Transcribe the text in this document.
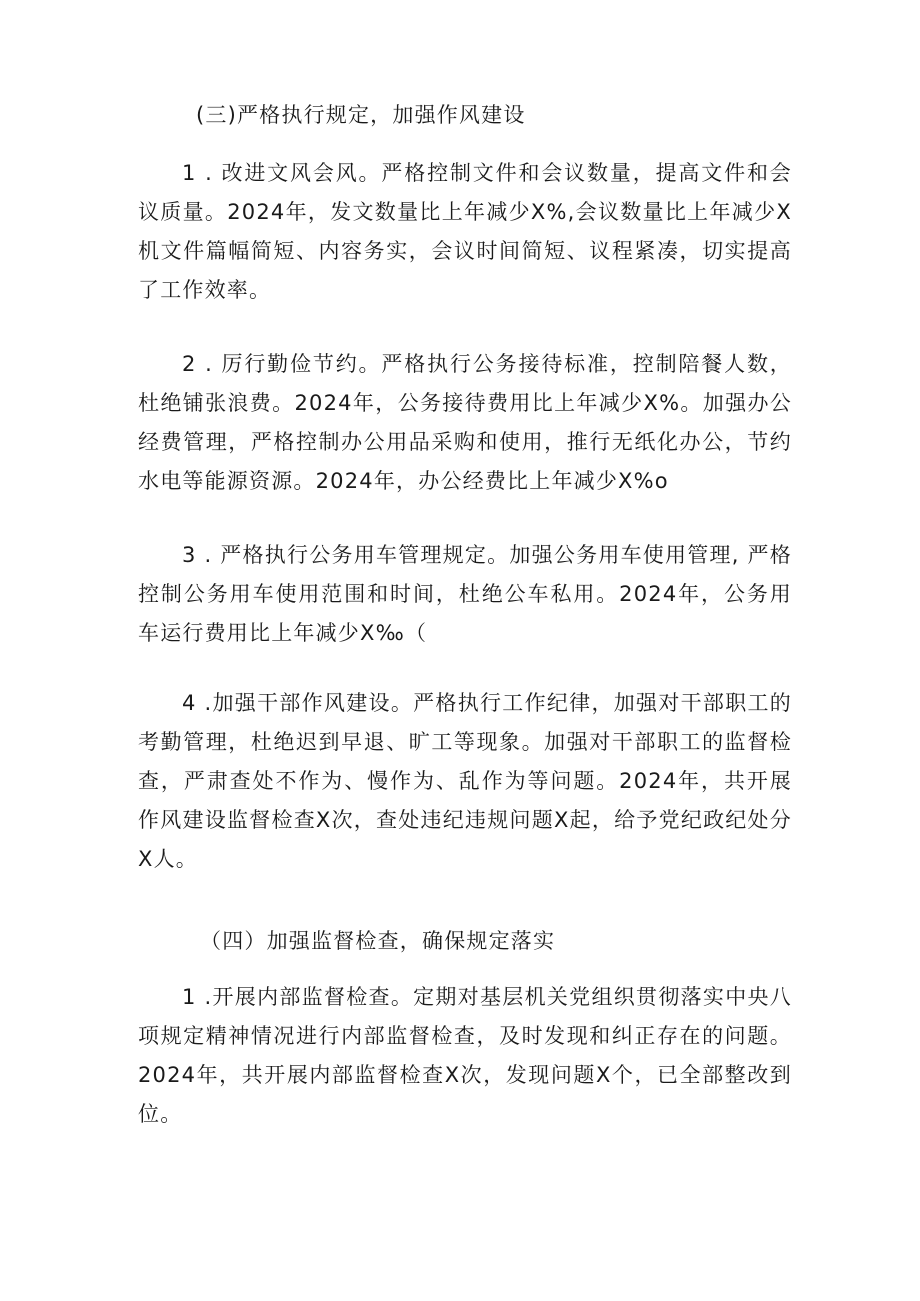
(三)严格执行规定，加强作风建设

1 . 改进文风会风。严格控制文件和会议数量，提高文件和会议质量。2024年，发文数量比上年减少X%,会议数量比上年减少X机文件篇幅简短、内容务实，会议时间简短、议程紧凑，切实提高了工作效率。

2 . 厉行勤俭节约。严格执行公务接待标准，控制陪餐人数，杜绝铺张浪费。2024年，公务接待费用比上年减少X%。加强办公经费管理，严格控制办公用品采购和使用，推行无纸化办公，节约水电等能源资源。2024年，办公经费比上年减少X%o

3 . 严格执行公务用车管理规定。加强公务用车使用管理, 严格控制公务用车使用范围和时间，杜绝公车私用。2024年，公务用车运行费用比上年减少X‰（

4 .加强干部作风建设。严格执行工作纪律，加强对干部职工的考勤管理，杜绝迟到早退、旷工等现象。加强对干部职工的监督检查，严肃查处不作为、慢作为、乱作为等问题。2024年，共开展作风建设监督检查X次，查处违纪违规问题X起，给予党纪政纪处分X人。

（四）加强监督检查，确保规定落实

1 .开展内部监督检查。定期对基层机关党组织贯彻落实中央八项规定精神情况进行内部监督检查，及时发现和纠正存在的问题。2024年，共开展内部监督检查X次，发现问题X个，已全部整改到位。
